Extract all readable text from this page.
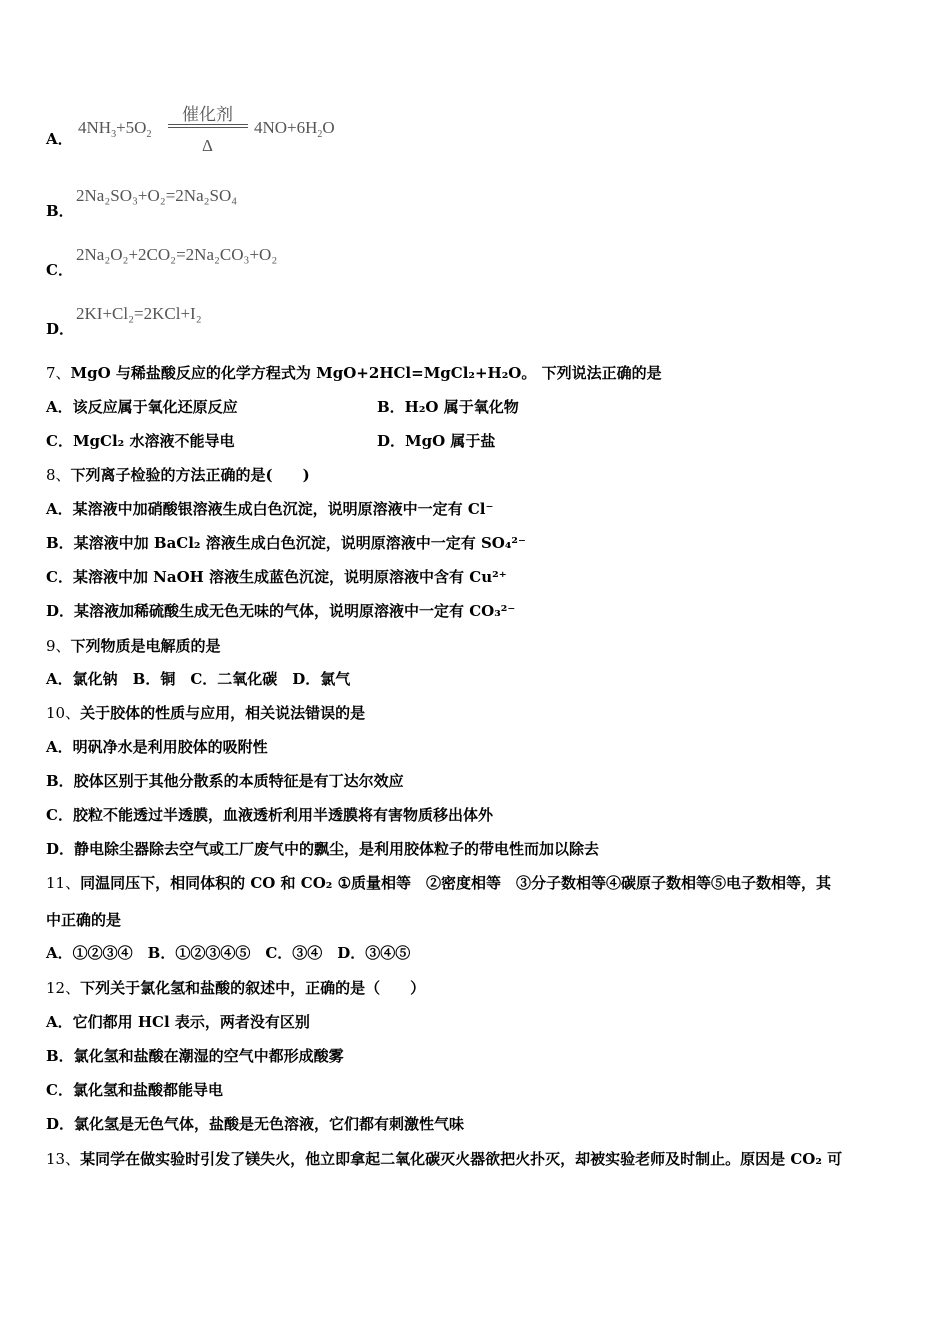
A．
$4NH_3+5O_2$
催化剂
Δ
$4NO+6H_2O$
B．
2Na₂SO₃+O₂=2Na₂SO₄
C．
2Na₂O₂+2CO₂=2Na₂CO₃+O₂
D．
2KI+Cl₂=2KCl+I₂
7、MgO 与稀盐酸反应的化学方程式为 MgO+2HCl=MgCl₂+H₂O。 下列说法正确的是
A．该反应属于氧化还原反应	B．H₂O 属于氧化物
C．MgCl₂ 水溶液不能导电	D．MgO 属于盐
8、下列离子检验的方法正确的是(　　)
A．某溶液中加硝酸银溶液生成白色沉淀，说明原溶液中一定有 Cl⁻
B．某溶液中加 BaCl₂ 溶液生成白色沉淀，说明原溶液中一定有 SO₄²⁻
C．某溶液中加 NaOH 溶液生成蓝色沉淀，说明原溶液中含有 Cu²⁺
D．某溶液加稀硫酸生成无色无味的气体，说明原溶液中一定有 CO₃²⁻
9、下列物质是电解质的是
A．氯化钠　B．铜　C．二氧化碳　D．氯气
10、关于胶体的性质与应用，相关说法错误的是
A．明矾净水是利用胶体的吸附性
B．胶体区别于其他分散系的本质特征是有丁达尔效应
C．胶粒不能透过半透膜，血液透析利用半透膜将有害物质移出体外
D．静电除尘器除去空气或工厂废气中的飘尘，是利用胶体粒子的带电性而加以除去
11、同温同压下，相同体积的 CO 和 CO₂ ①质量相等　②密度相等　③分子数相等④碳原子数相等⑤电子数相等，其
中正确的是
A．①②③④　B．①②③④⑤　C．③④　D．③④⑤
12、下列关于氯化氢和盐酸的叙述中，正确的是（　　）
A．它们都用 HCl 表示，两者没有区别
B．氯化氢和盐酸在潮湿的空气中都形成酸雾
C．氯化氢和盐酸都能导电
D．氯化氢是无色气体，盐酸是无色溶液，它们都有刺激性气味
13、某同学在做实验时引发了镁失火，他立即拿起二氧化碳灭火器欲把火扑灭，却被实验老师及时制止。原因是 CO₂ 可
